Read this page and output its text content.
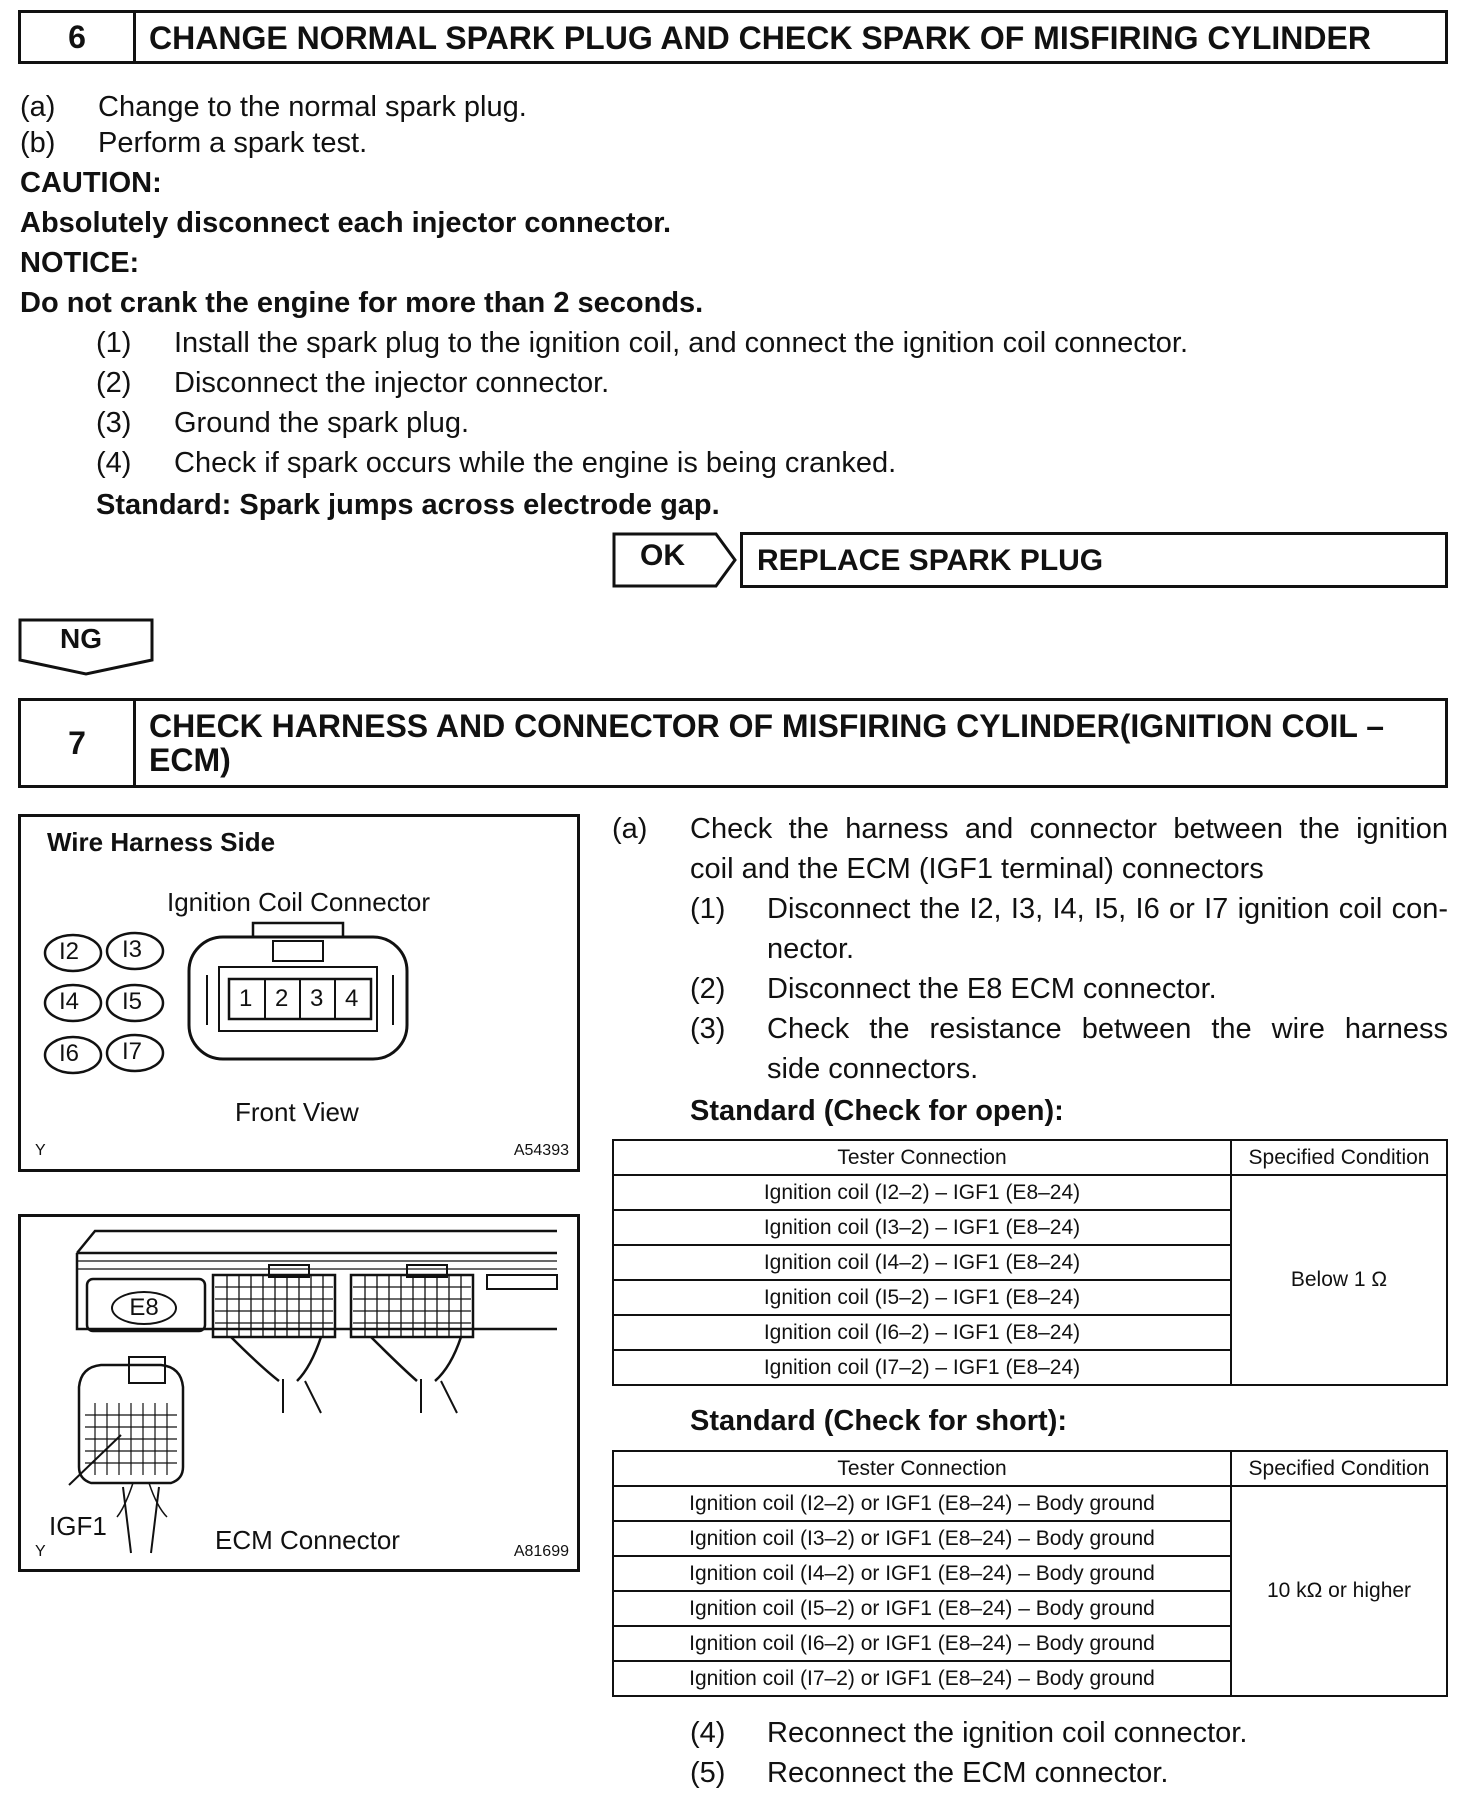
6	CHANGE NORMAL SPARK PLUG AND CHECK SPARK OF MISFIRING CYLINDER
(a) Change to the normal spark plug.
(b) Perform a spark test.
CAUTION:
Absolutely disconnect each injector connector.
NOTICE:
Do not crank the engine for more than 2 seconds.
(1) Install the spark plug to the ignition coil, and connect the ignition coil connector.
(2) Disconnect the injector connector.
(3) Ground the spark plug.
(4) Check if spark occurs while the engine is being cranked.
Standard: Spark jumps across electrode gap.
OK REPLACE SPARK PLUG
NG
7	CHECK HARNESS AND CONNECTOR OF MISFIRING CYLINDER(IGNITION COIL –
ECM)
Wire Harness Side
Ignition Coil Connector
I2 I3
I4 I5
I6 I7
1 2 3 4
Front View
Y	A54393
E8
IGF1	ECM Connector
Y	A81699
(a) Check the harness and connector between the ignition
coil and the ECM (IGF1 terminal) connectors
(1) Disconnect the I2, I3, I4, I5, I6 or I7 ignition coil con-
nector.
(2) Disconnect the E8 ECM connector.
(3) Check the resistance between the wire harness
side connectors.
Standard (Check for open):
Tester Connection	Specified Condition
Ignition coil (I2–2) – IGF1 (E8–24)	Below 1 Ω
Ignition coil (I3–2) – IGF1 (E8–24)	
Ignition coil (I4–2) – IGF1 (E8–24)	
Ignition coil (I5–2) – IGF1 (E8–24)	
Ignition coil (I6–2) – IGF1 (E8–24)	
Ignition coil (I7–2) – IGF1 (E8–24)	
Standard (Check for short):
Tester Connection	Specified Condition
Ignition coil (I2–2) or IGF1 (E8–24) – Body ground	10 kΩ or higher
Ignition coil (I3–2) or IGF1 (E8–24) – Body ground	
Ignition coil (I4–2) or IGF1 (E8–24) – Body ground	
Ignition coil (I5–2) or IGF1 (E8–24) – Body ground	
Ignition coil (I6–2) or IGF1 (E8–24) – Body ground	
Ignition coil (I7–2) or IGF1 (E8–24) – Body ground	
(4) Reconnect the ignition coil connector.
(5) Reconnect the ECM connector.
